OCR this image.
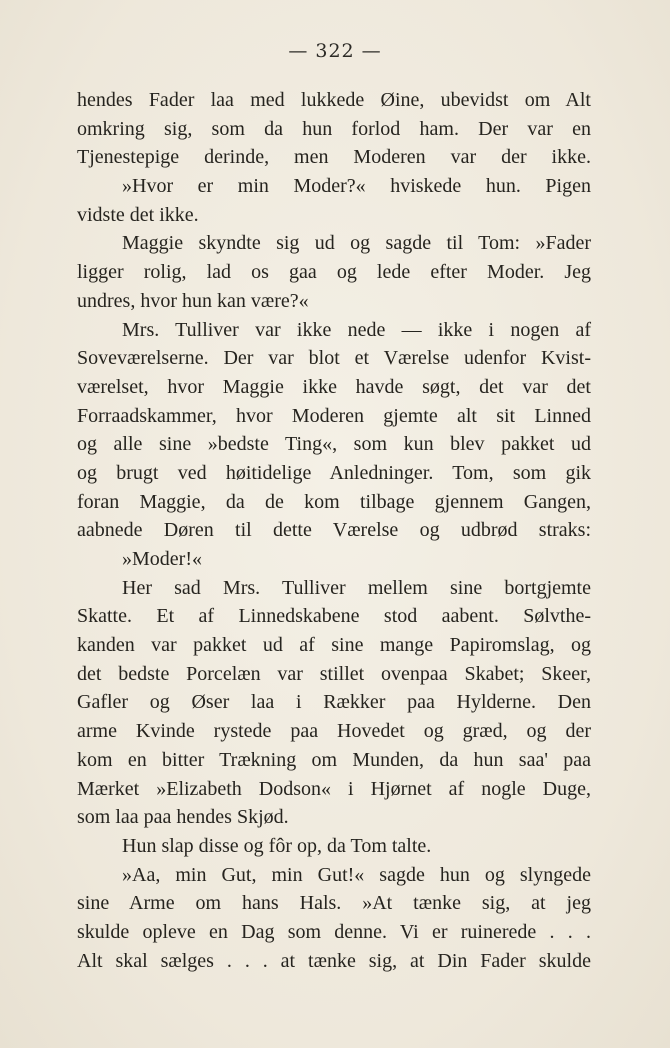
— 322 —
hendes Fader laa med lukkede Øine, ubevidst om Alt
omkring sig, som da hun forlod ham. Der var en
Tjenestepige derinde, men Moderen var der ikke.
»Hvor er min Moder?« hviskede hun. Pigen
vidste det ikke.
Maggie skyndte sig ud og sagde til Tom: »Fader
ligger rolig, lad os gaa og lede efter Moder. Jeg
undres, hvor hun kan være?«
Mrs. Tulliver var ikke nede — ikke i nogen af
Soveværelserne. Der var blot et Værelse udenfor Kvist-
værelset, hvor Maggie ikke havde søgt, det var det
Forraadskammer, hvor Moderen gjemte alt sit Linned
og alle sine »bedste Ting«, som kun blev pakket ud
og brugt ved høitidelige Anledninger. Tom, som gik
foran Maggie, da de kom tilbage gjennem Gangen,
aabnede Døren til dette Værelse og udbrød straks:
»Moder!«
Her sad Mrs. Tulliver mellem sine bortgjemte
Skatte. Et af Linnedskabene stod aabent. Sølvthe-
kanden var pakket ud af sine mange Papiromslag, og
det bedste Porcelæn var stillet ovenpaa Skabet; Skeer,
Gafler og Øser laa i Rækker paa Hylderne. Den
arme Kvinde rystede paa Hovedet og græd, og der
kom en bitter Trækning om Munden, da hun saa' paa
Mærket »Elizabeth Dodson« i Hjørnet af nogle Duge,
som laa paa hendes Skjød.
Hun slap disse og fôr op, da Tom talte.
»Aa, min Gut, min Gut!« sagde hun og slyngede
sine Arme om hans Hals. »At tænke sig, at jeg
skulde opleve en Dag som denne. Vi er ruinerede . . .
Alt skal sælges . . . at tænke sig, at Din Fader skulde
